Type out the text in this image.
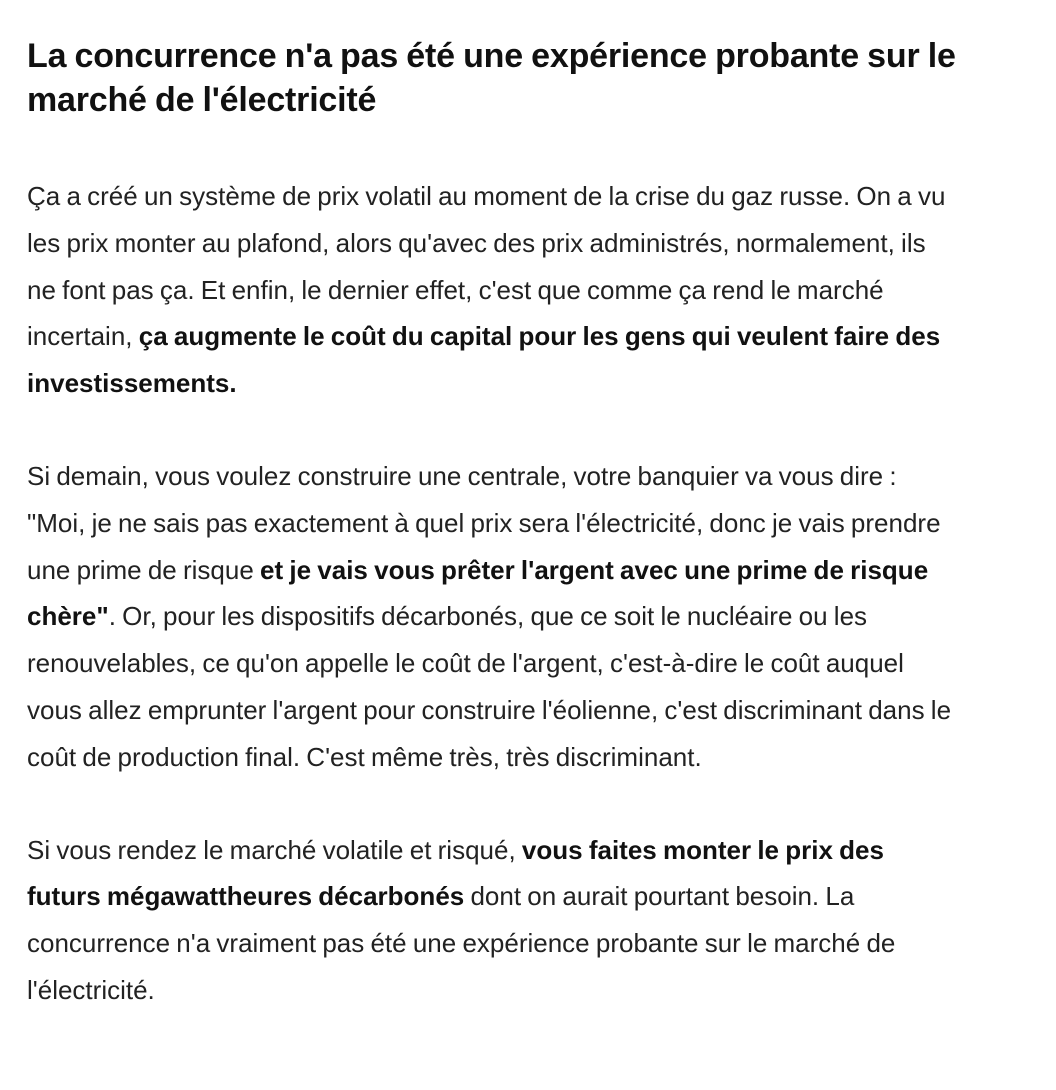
La concurrence n'a pas été une expérience probante sur le marché de l'électricité

Ça a créé un système de prix volatil au moment de la crise du gaz russe. On a vu les prix monter au plafond, alors qu'avec des prix administrés, normalement, ils ne font pas ça. Et enfin, le dernier effet, c'est que comme ça rend le marché incertain, ça augmente le coût du capital pour les gens qui veulent faire des investissements.

Si demain, vous voulez construire une centrale, votre banquier va vous dire : "Moi, je ne sais pas exactement à quel prix sera l'électricité, donc je vais prendre une prime de risque et je vais vous prêter l'argent avec une prime de risque chère". Or, pour les dispositifs décarbonés, que ce soit le nucléaire ou les renouvelables, ce qu'on appelle le coût de l'argent, c'est-à-dire le coût auquel vous allez emprunter l'argent pour construire l'éolienne, c'est discriminant dans le coût de production final. C'est même très, très discriminant.

Si vous rendez le marché volatile et risqué, vous faites monter le prix des futurs mégawattheures décarbonés dont on aurait pourtant besoin. La concurrence n'a vraiment pas été une expérience probante sur le marché de l'électricité.
